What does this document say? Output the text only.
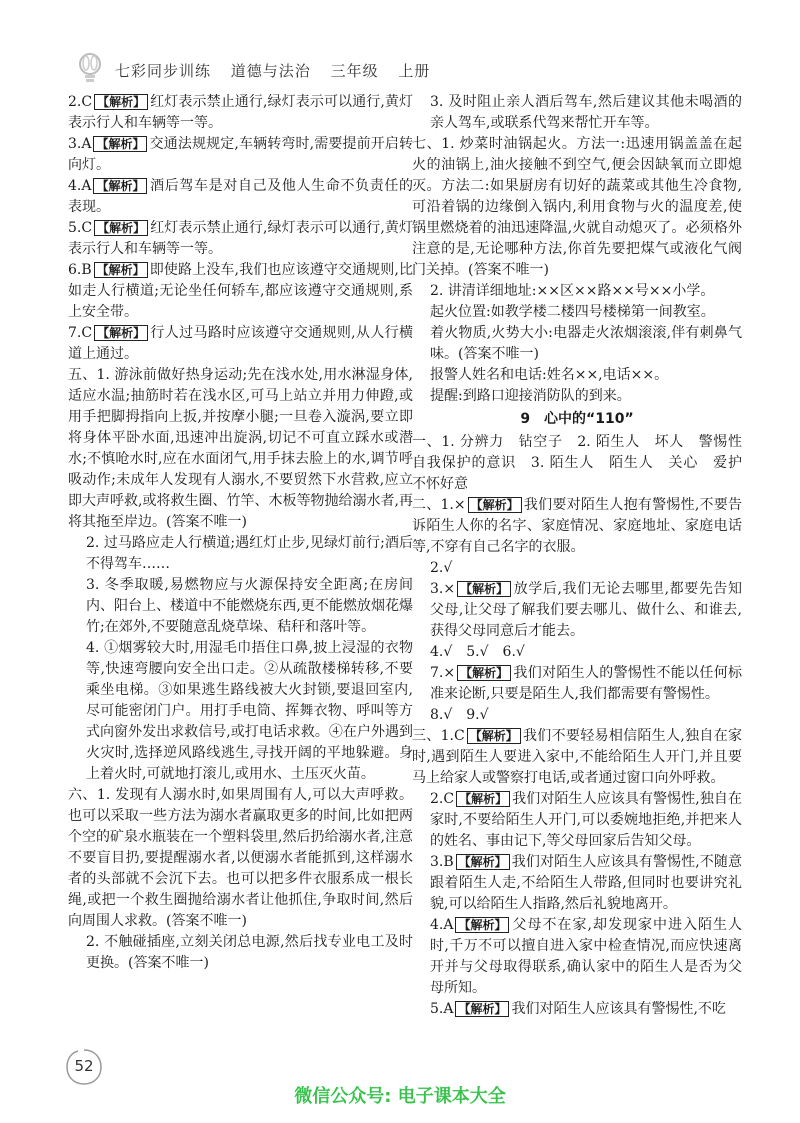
七彩同步训练 道德与法治 三年级 上册

2.C 【解析】 红灯表示禁止通行,绿灯表示可以通行,黄灯表示行人和车辆等一等。

3.A 【解析】 交通法规规定,车辆转弯时,需要提前开启转向灯。

4.A 【解析】 酒后驾车是对自己及他人生命不负责任的表现。

5.C 【解析】 红灯表示禁止通行,绿灯表示可以通行,黄灯表示行人和车辆等一等。

6.B 【解析】 即使路上没车,我们也应该遵守交通规则,比如走人行横道;无论坐任何轿车,都应该遵守交通规则,系上安全带。

7.C 【解析】 行人过马路时应该遵守交通规则,从人行横道上通过。

五、1. 游泳前做好热身运动;先在浅水处,用水淋湿身体,适应水温;抽筋时若在浅水区,可马上站立并用力伸蹬,或用手把脚拇指向上扳,并按摩小腿;一旦卷入漩涡,要立即将身体平卧水面,迅速冲出旋涡,切记不可直立踩水或潜水;不慎呛水时,应在水面闭气,用手抹去脸上的水,调节呼吸动作;未成年人发现有人溺水,不要贸然下水营救,应立即大声呼救,或将救生圈、竹竿、木板等物抛给溺水者,再将其拖至岸边。(答案不唯一)

2. 过马路应走人行横道;遇红灯止步,见绿灯前行;酒后不得驾车……

3. 冬季取暖,易燃物应与火源保持安全距离;在房间内、阳台上、楼道中不能燃烧东西,更不能燃放烟花爆竹;在郊外,不要随意乱烧草垛、秸秆和落叶等。

4. ①烟雾较大时,用湿毛巾捂住口鼻,披上浸湿的衣物等,快速弯腰向安全出口走。②从疏散楼梯转移,不要乘坐电梯。③如果逃生路线被大火封锁,要退回室内,尽可能密闭门户。用打手电筒、挥舞衣物、呼叫等方式向窗外发出求救信号,或打电话求救。④在户外遇到火灾时,选择逆风路线逃生,寻找开阔的平地躲避。身上着火时,可就地打滚儿,或用水、土压灭火苗。

六、1. 发现有人溺水时,如果周围有人,可以大声呼救。也可以采取一些方法为溺水者赢取更多的时间,比如把两个空的矿泉水瓶装在一个塑料袋里,然后扔给溺水者,注意不要盲目扔,要提醒溺水者,以便溺水者能抓到,这样溺水者的头部就不会沉下去。也可以把多件衣服系成一根长绳,或把一个救生圈抛给溺水者让他抓住,争取时间,然后向周围人求救。(答案不唯一)

2. 不触碰插座,立刻关闭总电源,然后找专业电工及时更换。(答案不唯一)

3. 及时阻止亲人酒后驾车,然后建议其他未喝酒的亲人驾车,或联系代驾来帮忙开车等。

七、1. 炒菜时油锅起火。方法一:迅速用锅盖盖在起火的油锅上,油火接触不到空气,便会因缺氧而立即熄灭。方法二:如果厨房有切好的蔬菜或其他生冷食物,可沿着锅的边缘倒入锅内,利用食物与火的温度差,使锅里燃烧着的油迅速降温,火就自动熄灭了。必须格外注意的是,无论哪种方法,你首先要把煤气或液化气阀门关掉。(答案不唯一)

2. 讲清详细地址:××区××路××号××小学。

起火位置:如教学楼二楼四号楼梯第一间教室。

着火物质,火势大小:电器走火浓烟滚滚,伴有刺鼻气味。(答案不唯一)

报警人姓名和电话:姓名××,电话××。

提醒:到路口迎接消防队的到来。

9　心中的“110”

一、1. 分辨力　钻空子　2. 陌生人　坏人　警惕性　自我保护的意识　3. 陌生人　陌生人　关心　爱护　不怀好意

二、1.× 【解析】 我们要对陌生人抱有警惕性,不要告诉陌生人你的名字、家庭情况、家庭地址、家庭电话等,不穿有自己名字的衣服。

2.√

3.× 【解析】 放学后,我们无论去哪里,都要先告知父母,让父母了解我们要去哪儿、做什么、和谁去,获得父母同意后才能去。

4.√　5.√　6.√

7.× 【解析】 我们对陌生人的警惕性不能以任何标准来论断,只要是陌生人,我们都需要有警惕性。

8.√　9.√

三、1.C 【解析】 我们不要轻易相信陌生人,独自在家时,遇到陌生人要进入家中,不能给陌生人开门,并且要马上给家人或警察打电话,或者通过窗口向外呼救。

2.C 【解析】 我们对陌生人应该具有警惕性,独自在家时,不要给陌生人开门,可以委婉地拒绝,并把来人的姓名、事由记下,等父母回家后告知父母。

3.B 【解析】 我们对陌生人应该具有警惕性,不随意跟着陌生人走,不给陌生人带路,但同时也要讲究礼貌,可以给陌生人指路,然后礼貌地离开。

4.A 【解析】 父母不在家,却发现家中进入陌生人时,千万不可以擅自进入家中检查情况,而应快速离开并与父母取得联系,确认家中的陌生人是否为父母所知。

5.A 【解析】 我们对陌生人应该具有警惕性,不吃

52
微信公众号: 电子课本大全
